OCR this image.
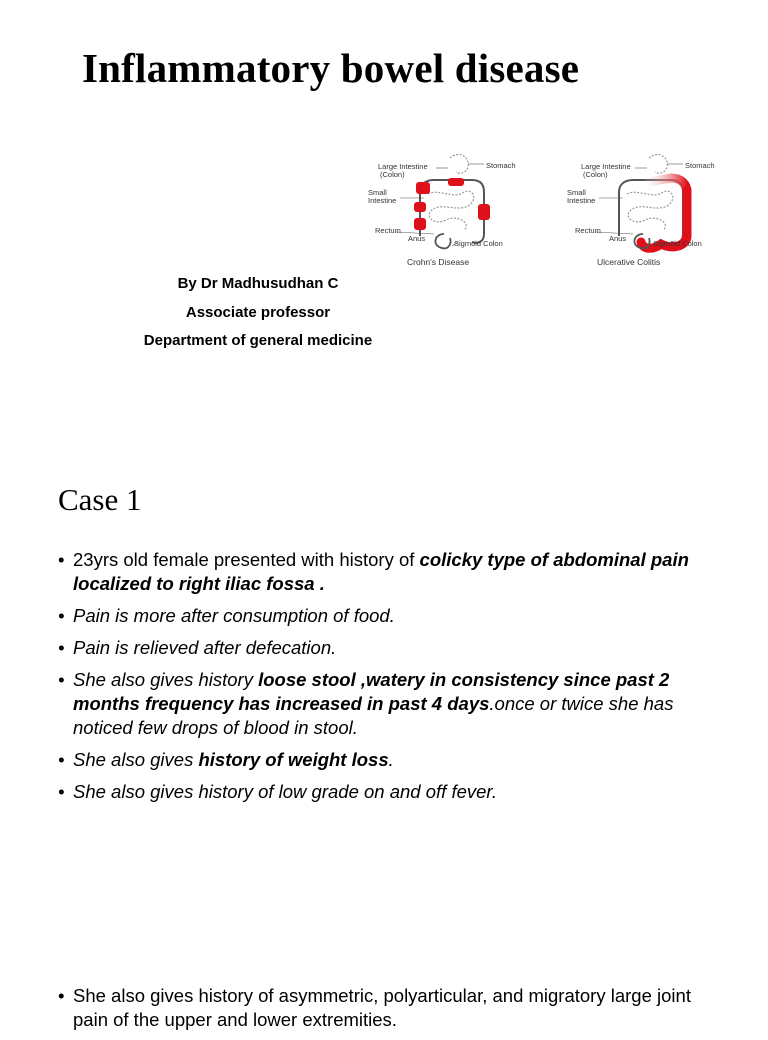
Inflammatory bowel disease
Large Intestine
(Colon)
Stomach
Small
Intestine
Rectum
Anus
Sigmoid Colon
Crohn's Disease
Large Intestine
(Colon)
Stomach
Small
Intestine
Rectum
Anus
Sigmoid Colon
Ulcerative Colitis
By Dr Madhusudhan C
Associate professor
Department of general medicine
Case 1
• 23yrs old female presented with history of colicky type of abdominal pain localized to right iliac fossa .
• Pain is more after consumption of food.
• Pain is relieved after defecation.
• She also gives history loose stool ,watery in consistency since past 2 months frequency has increased in past 4 days.once or twice she has noticed few drops of blood in stool.
• She also gives history of weight loss.
• She also gives history of low grade on and off fever.
• She also gives history of asymmetric, polyarticular, and migratory large joint pain of the upper and lower extremities.
